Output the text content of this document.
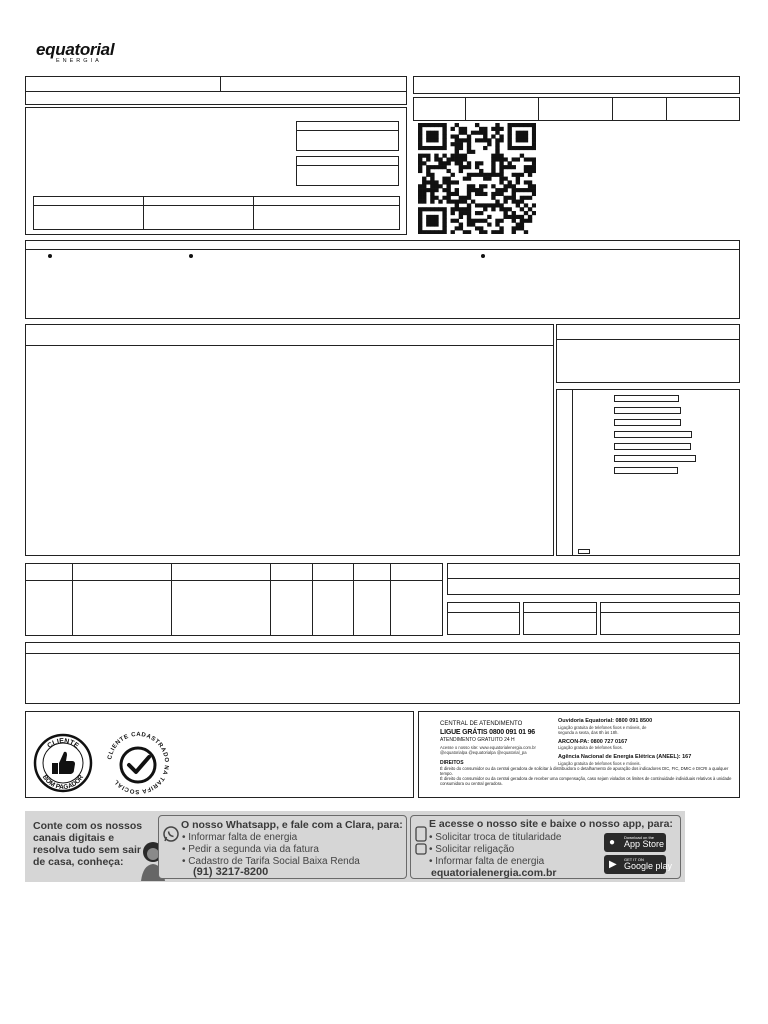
equatorial
ENERGIA
CLIENTE
BOM PAGADOR
CLIENTE CADASTRADO NA TARIFA SOCIAL
CENTRAL DE ATENDIMENTO
LIGUE GRÁTIS 0800 091 01 96
ATENDIMENTO GRATUITO 24 H
Acesse o nosso site: www.equatorialenergia.com.br
@equatorialpa @equatorialpa @equatorial_pa
Ouvidoria Equatorial: 0800 091 8500
Ligação gratuita de telefones fixos e móveis, de segunda a sexta, das 8h às 18h.
ARCON-PA: 0800 727 0167
Ligação gratuita de telefones fixos.
Agência Nacional de Energia Elétrica (ANEEL): 167
Ligação gratuita de telefones fixos e móveis.
DIREITOS
É direito do consumidor ou da central geradora de solicitar à distribuidora o detalhamento de apuração dos indicadores DIC, FIC, DMIC e DICRI a qualquer tempo.
É direito do consumidor ou da central geradora de receber uma compensação, caso sejam violados os limites de continuidade individuais relativos à unidade consumidora ou central geradora.
Conte com os nossos canais digitais e resolva tudo sem sair de casa, conheça:
O nosso Whatsapp, e fale com a Clara, para:
• Informar falta de energia
• Pedir a segunda via da fatura
• Cadastro de Tarifa Social Baixa Renda
(91) 3217-8200
E acesse o nosso site e baixe o nosso app, para:
• Solicitar troca de titularidade
• Solicitar religação
• Informar falta de energia
equatorialenergia.com.br
● Download on the
App Store
▶ GET IT ON
Google play
